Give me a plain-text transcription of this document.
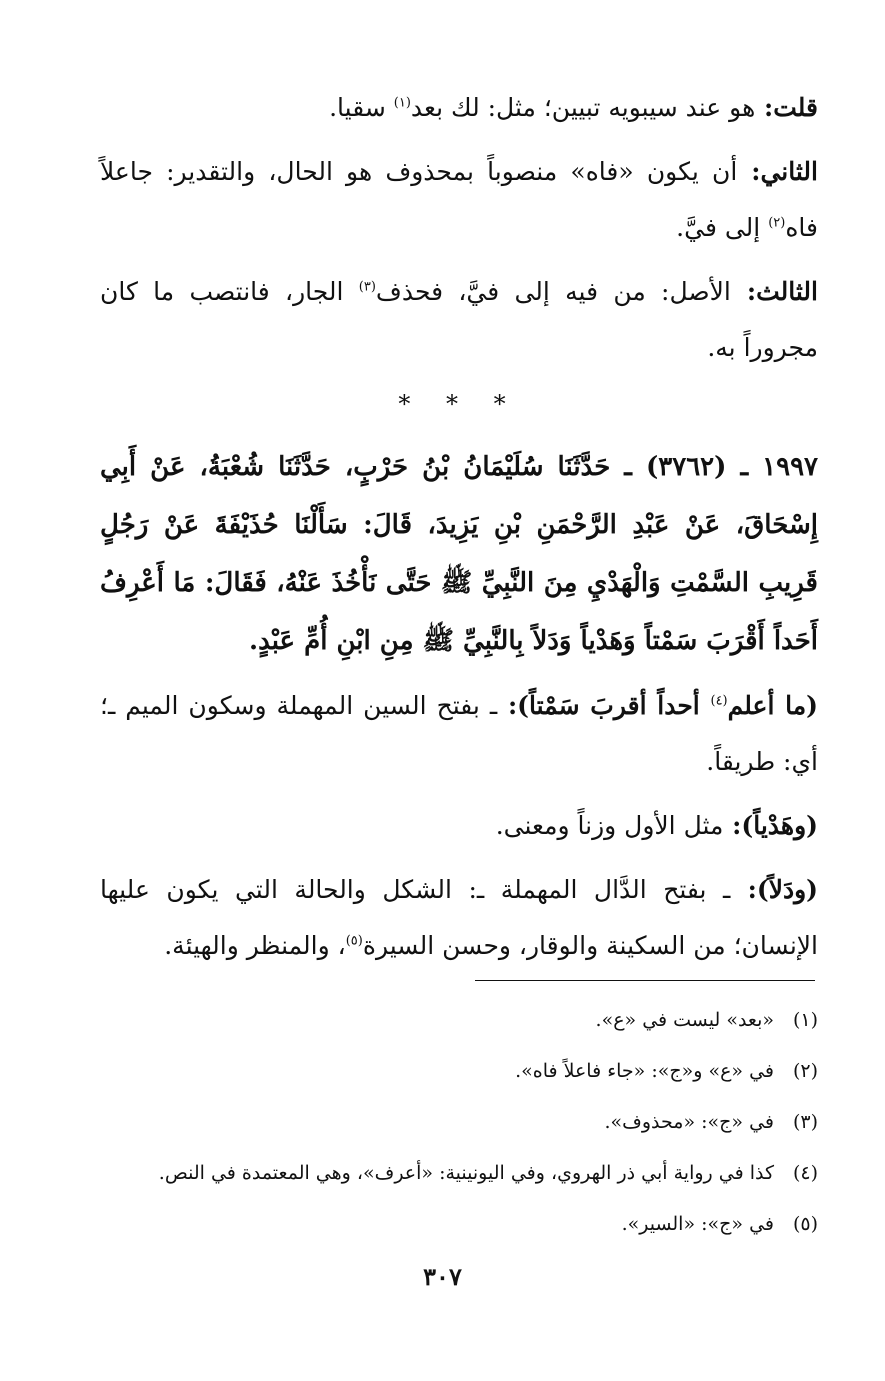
قلت: هو عند سيبويه تبيين؛ مثل: لك بعد$^{(١)}$ سقيا.

الثاني: أن يكون «فاه» منصوباً بمحذوف هو الحال، والتقدير: جاعلاً فاه$^{(٢)}$ إلى فيَّ.

الثالث: الأصل: من فيه إلى فيَّ، فحذف$^{(٣)}$ الجار، فانتصب ما كان مجروراً به.

* * *

١٩٩٧ ـ (٣٧٦٢) ـ حَدَّثَنَا سُلَيْمَانُ بْنُ حَرْبٍ، حَدَّثَنَا شُعْبَةُ، عَنْ أَبِي إِسْحَاقَ، عَنْ عَبْدِ الرَّحْمَنِ بْنِ يَزِيدَ، قَالَ: سَأَلْنَا حُذَيْفَةَ عَنْ رَجُلٍ قَرِيبِ السَّمْتِ وَالْهَدْيِ مِنَ النَّبِيِّ ﷺ حَتَّى نَأْخُذَ عَنْهُ، فَقَالَ: مَا أَعْرِفُ أَحَداً أَقْرَبَ سَمْتاً وَهَدْياً وَدَلاً بِالنَّبِيِّ ﷺ مِنِ ابْنِ أُمِّ عَبْدٍ.

(ما أعلم$^{(٤)}$ أحداً أقربَ سَمْتاً): ـ بفتح السين المهملة وسكون الميم ـ؛ أي: طريقاً.

(وهَدْياً): مثل الأول وزناً ومعنى.

(ودَلاً): ـ بفتح الدَّال المهملة ـ: الشكل والحالة التي يكون عليها الإنسان؛ من السكينة والوقار، وحسن السيرة$^{(٥)}$، والمنظر والهيئة.

(١)«بعد» ليست في «ع».
(٢)في «ع» و«ج»: «جاء فاعلاً فاه».
(٣)في «ج»: «محذوف».
(٤)كذا في رواية أبي ذر الهروي، وفي اليونينية: «أعرف»، وهي المعتمدة في النص.
(٥)في «ج»: «السير».
٣٠٧
